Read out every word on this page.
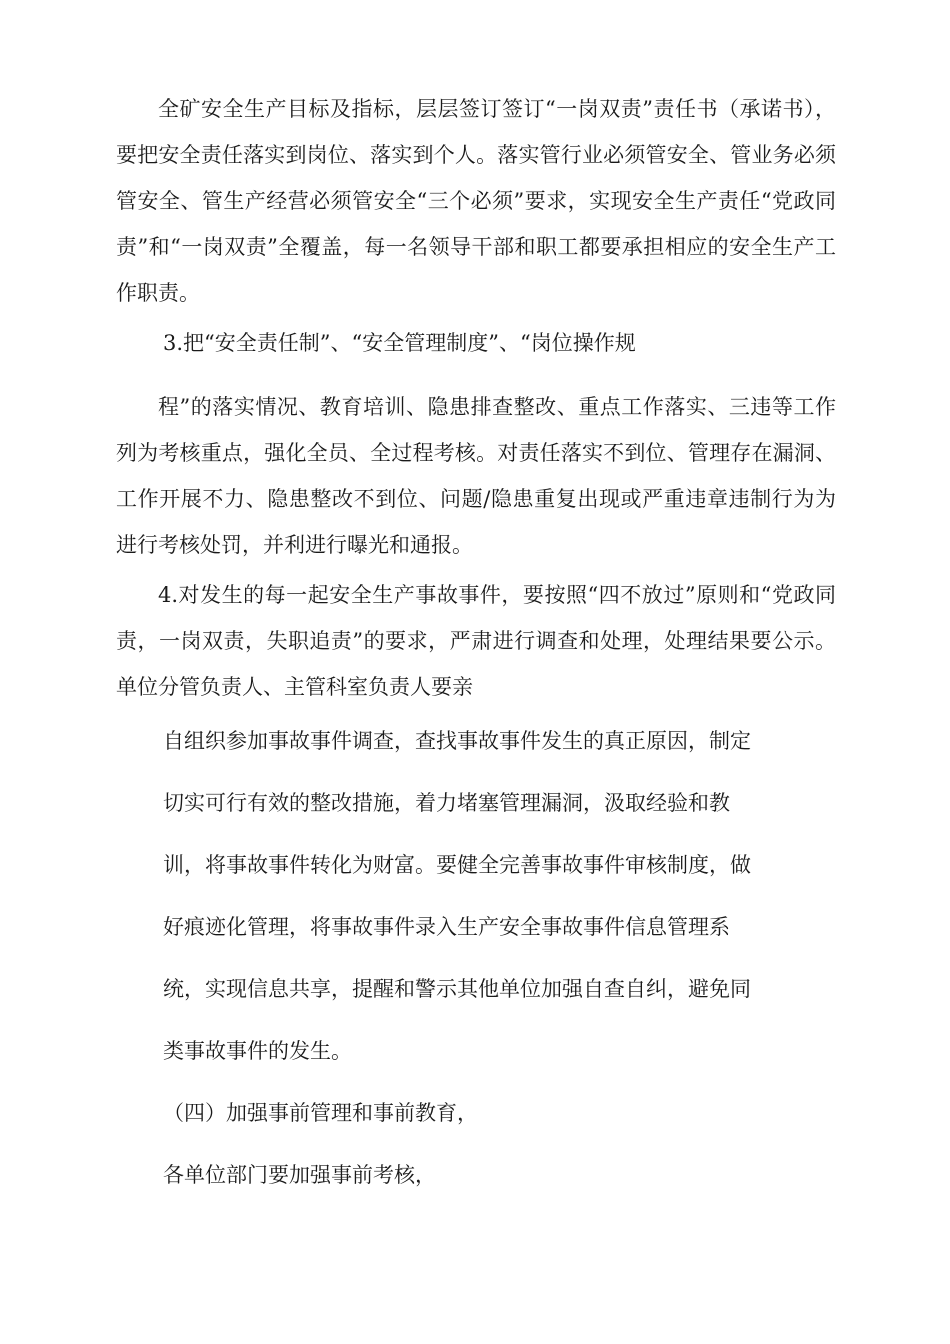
全矿安全生产目标及指标，层层签订签订“一岗双责”责任书（承诺书），要把安全责任落实到岗位、落实到个人。落实管行业必须管安全、管业务必须管安全、管生产经营必须管安全“三个必须”要求，实现安全生产责任“党政同责”和“一岗双责”全覆盖，每一名领导干部和职工都要承担相应的安全生产工作职责。

3.把“安全责任制”、“安全管理制度”、“岗位操作规

程”的落实情况、教育培训、隐患排查整改、重点工作落实、三违等工作列为考核重点，强化全员、全过程考核。对责任落实不到位、管理存在漏洞、工作开展不力、隐患整改不到位、问题/隐患重复出现或严重违章违制行为为进行考核处罚，并利进行曝光和通报。

4.对发生的每一起安全生产事故事件，要按照“四不放过”原则和“党政同责，一岗双责，失职追责”的要求，严肃进行调查和处理，处理结果要公示。单位分管负责人、主管科室负责人要亲

自组织参加事故事件调查，查找事故事件发生的真正原因，制定

切实可行有效的整改措施，着力堵塞管理漏洞，汲取经验和教

训，将事故事件转化为财富。要健全完善事故事件审核制度，做

好痕迹化管理，将事故事件录入生产安全事故事件信息管理系

统，实现信息共享，提醒和警示其他单位加强自查自纠，避免同

类事故事件的发生。

（四）加强事前管理和事前教育，

各单位部门要加强事前考核，
